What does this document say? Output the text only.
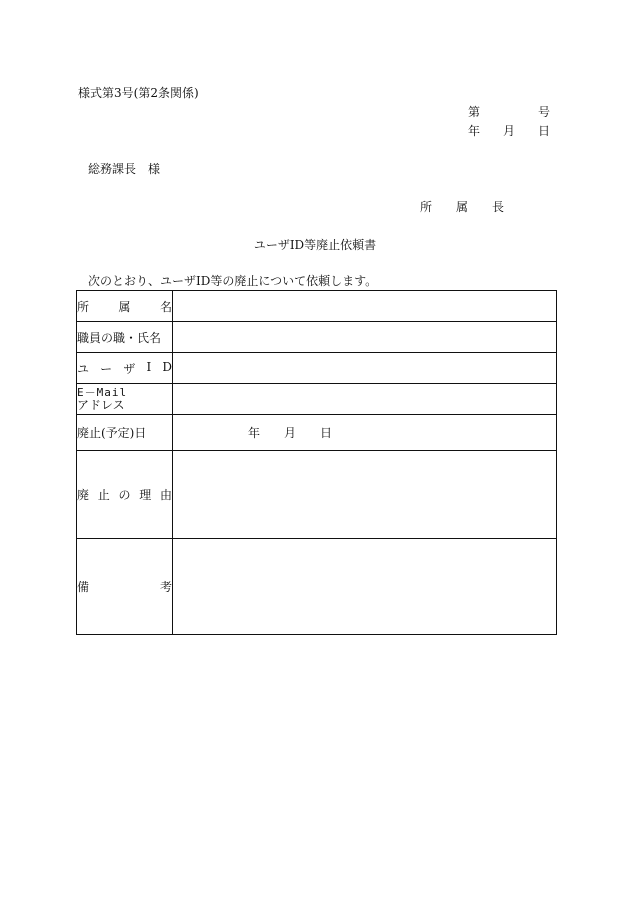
様式第3号(第2条関係)
第	号
年 月 日
総務課長　様
所 属 長
ユーザID等廃止依頼書
次のとおり、ユーザID等の廃止について依頼します。
所 属 名	

職員の職・氏名	

ユ ー ザ I D	

E－Mail
アドレス	

廃止(予定)日	年 月 日

廃 止 の 理 由	

備 考	
